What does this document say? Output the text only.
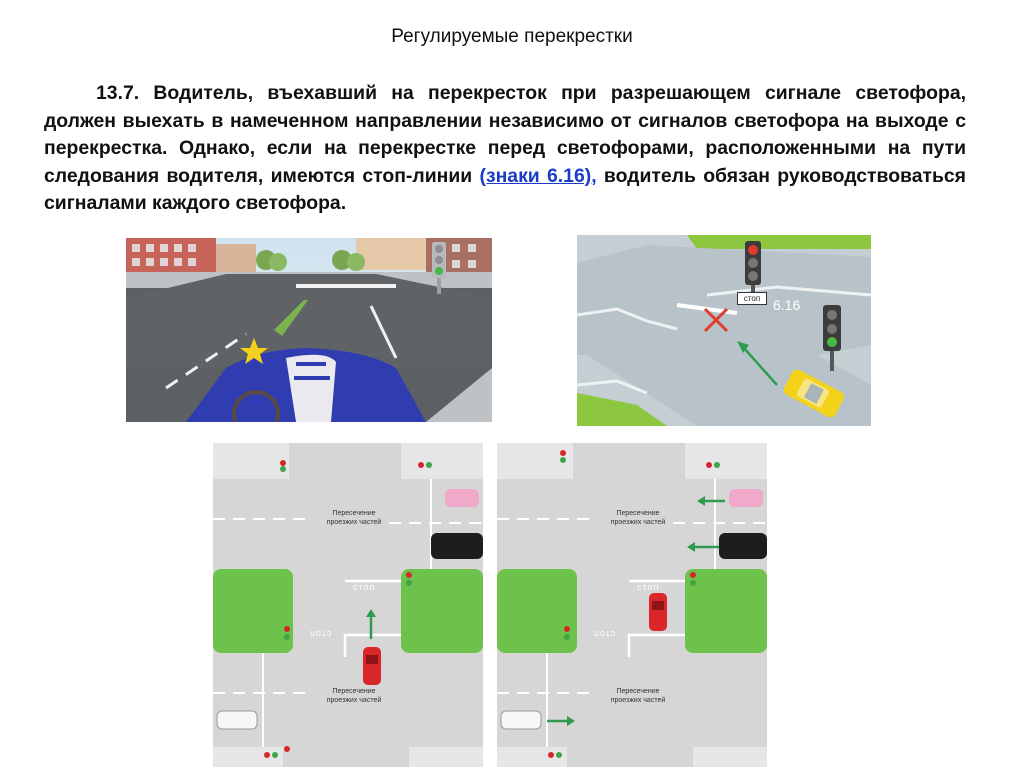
Регулируемые перекрестки
13.7. Водитель, въехавший на перекресток при разрешающем сигнале светофора, должен выехать в намеченном направлении независимо от сигналов светофора на выходе с перекрестка. Однако, если на перекрестке перед светофорами, расположенными на пути следования водителя, имеются стоп-линии (знаки 6.16), водитель обязан руководствоваться сигналами каждого светофора.
стоп 6.16
Пересечение
проезжих частей
Пересечение
проезжих частей
стоп
стоп
Пересечение
проезжих частей
Пересечение
проезжих частей
стоп
стоп
